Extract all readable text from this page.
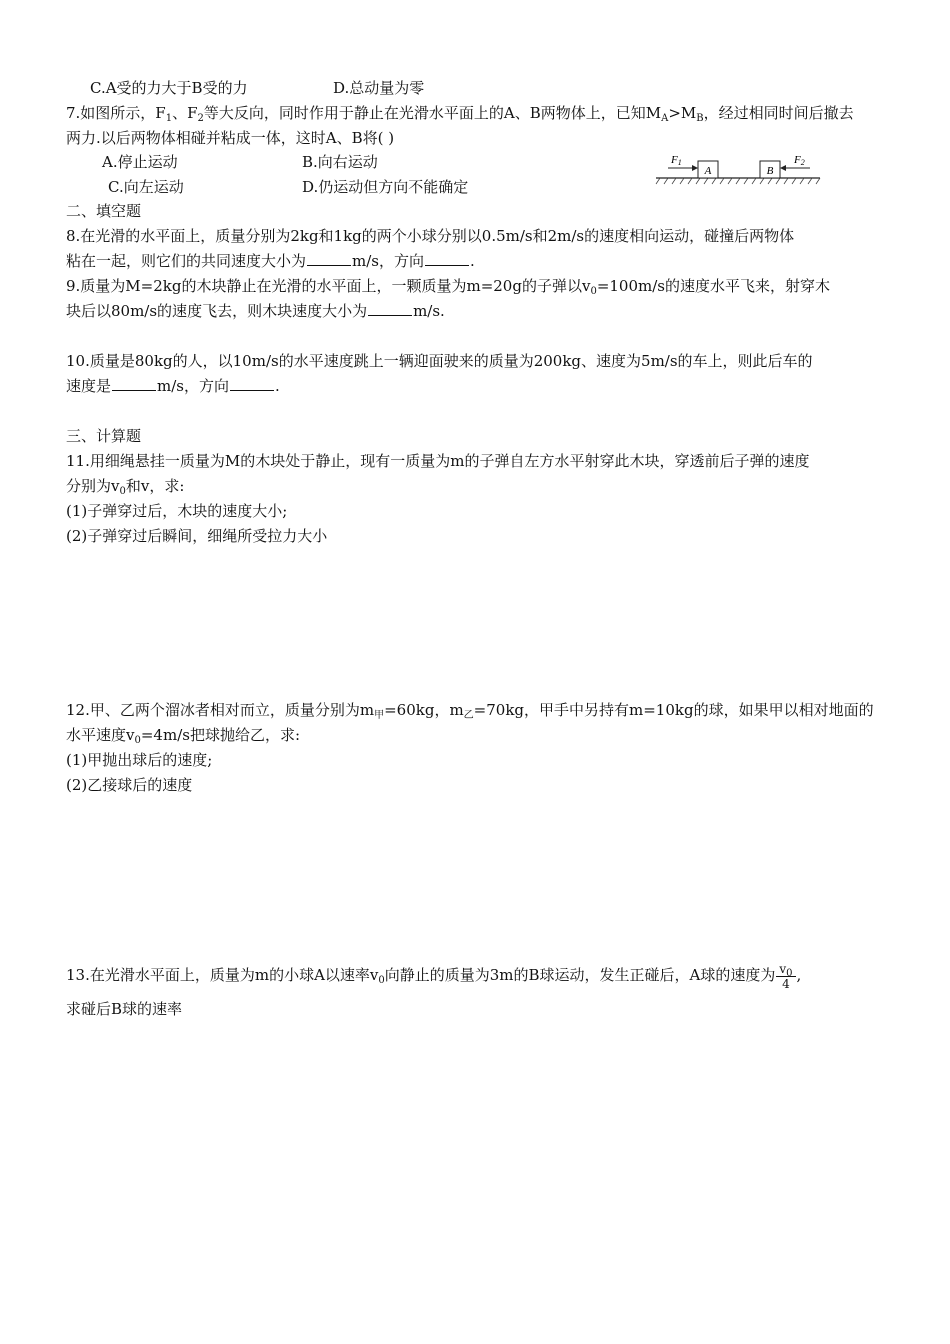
C.A受的力大于B受的力	D.总动量为零
7.如图所示，$F_1$、$F_2$等大反向，同时作用于静止在光滑水平面上的A、B两物体上，已知$M_A>M_B$，经过相同时间后撤去
两力.以后两物体相碰并粘成一体，这时A、B将( )
A.停止运动	B.向右运动
C.向左运动	D.仍运动但方向不能确定
F1
A	B
F2
二、填空题
8.在光滑的水平面上，质量分别为2kg和1kg的两个小球分别以0.5m/s和2m/s的速度相向运动，碰撞后两物体
粘在一起，则它们的共同速度大小为	m/s，方向	.
9.质量为M=2kg的木块静止在光滑的水平面上，一颗质量为m=20g的子弹以$v_0=100m/s$的速度水平飞来，射穿木
块后以80m/s的速度飞去，则木块速度大小为	m/s.
10.质量是80kg的人，以10m/s的水平速度跳上一辆迎面驶来的质量为200kg、速度为5m/s的车上，则此后车的
速度是	m/s，方向	.
三、计算题
11.用细绳悬挂一质量为M的木块处于静止，现有一质量为m的子弹自左方水平射穿此木块，穿透前后子弹的速度
分别为$v_0$和v，求:
(1)子弹穿过后，木块的速度大小;
(2)子弹穿过后瞬间，细绳所受拉力大小
12.甲、乙两个溜冰者相对而立，质量分别为$m_甲=60kg$，$m_乙=70kg$，甲手中另持有m=10kg的球，如果甲以相对地面的
水平速度$v_0=4m/s$把球抛给乙，求:
(1)甲抛出球后的速度;
(2)乙接球后的速度
13.在光滑水平面上，质量为m的小球A以速率$v_0$向静止的质量为3m的B球运动，发生正碰后，A球的速度为 $\frac{v_0}{4}$ ,
求碰后B球的速率
